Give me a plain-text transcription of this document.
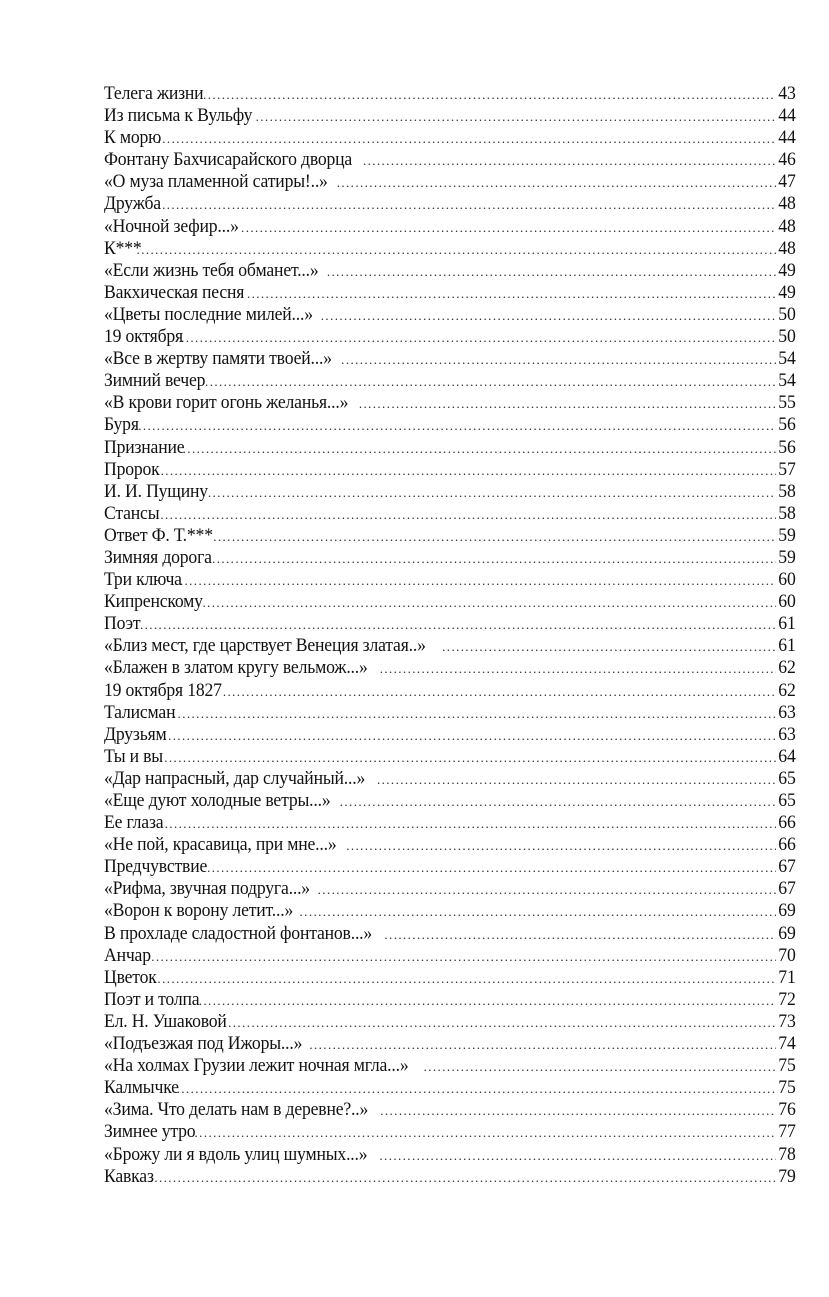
Телега жизни .....	43
Из письма к Вульфу .....	44
К морю .....	44
Фонтану Бахчисарайского дворца .....	46
«О муза пламенной сатиры!..» .....	47
Дружба .....	48
«Ночной зефир...» .....	48
К*** .....	48
«Если жизнь тебя обманет...» .....	49
Вакхическая песня .....	49
«Цветы последние милей...» .....	50
19 октября .....	50
«Все в жертву памяти твоей...» .....	54
Зимний вечер .....	54
«В крови горит огонь желанья...» .....	55
Буря .....	56
Признание .....	56
Пророк .....	57
И. И. Пущину .....	58
Стансы .....	58
Ответ Ф. Т.*** .....	59
Зимняя дорога .....	59
Три ключа .....	60
Кипренскому .....	60
Поэт .....	61
«Близ мест, где царствует Венеция златая..» .....	61
«Блажен в златом кругу вельмож...» .....	62
19 октября 1827 .....	62
Талисман .....	63
Друзьям .....	63
Ты и вы .....	64
«Дар напрасный, дар случайный...» .....	65
«Еще дуют холодные ветры...» .....	65
Ее глаза .....	66
«Не пой, красавица, при мне...» .....	66
Предчувствие .....	67
«Рифма, звучная подруга...» .....	67
«Ворон к ворону летит...» .....	69
В прохладе сладостной фонтанов...» .....	69
Анчар .....	70
Цветок .....	71
Поэт и толпа .....	72
Ел. Н. Ушаковой .....	73
«Подъезжая под Ижоры...» .....	74
«На холмах Грузии лежит ночная мгла...» .....	75
Калмычке .....	75
«Зима. Что делать нам в деревне?..» .....	76
Зимнее утро .....	77
«Брожу ли я вдоль улиц шумных...» .....	78
Кавказ .....	79
